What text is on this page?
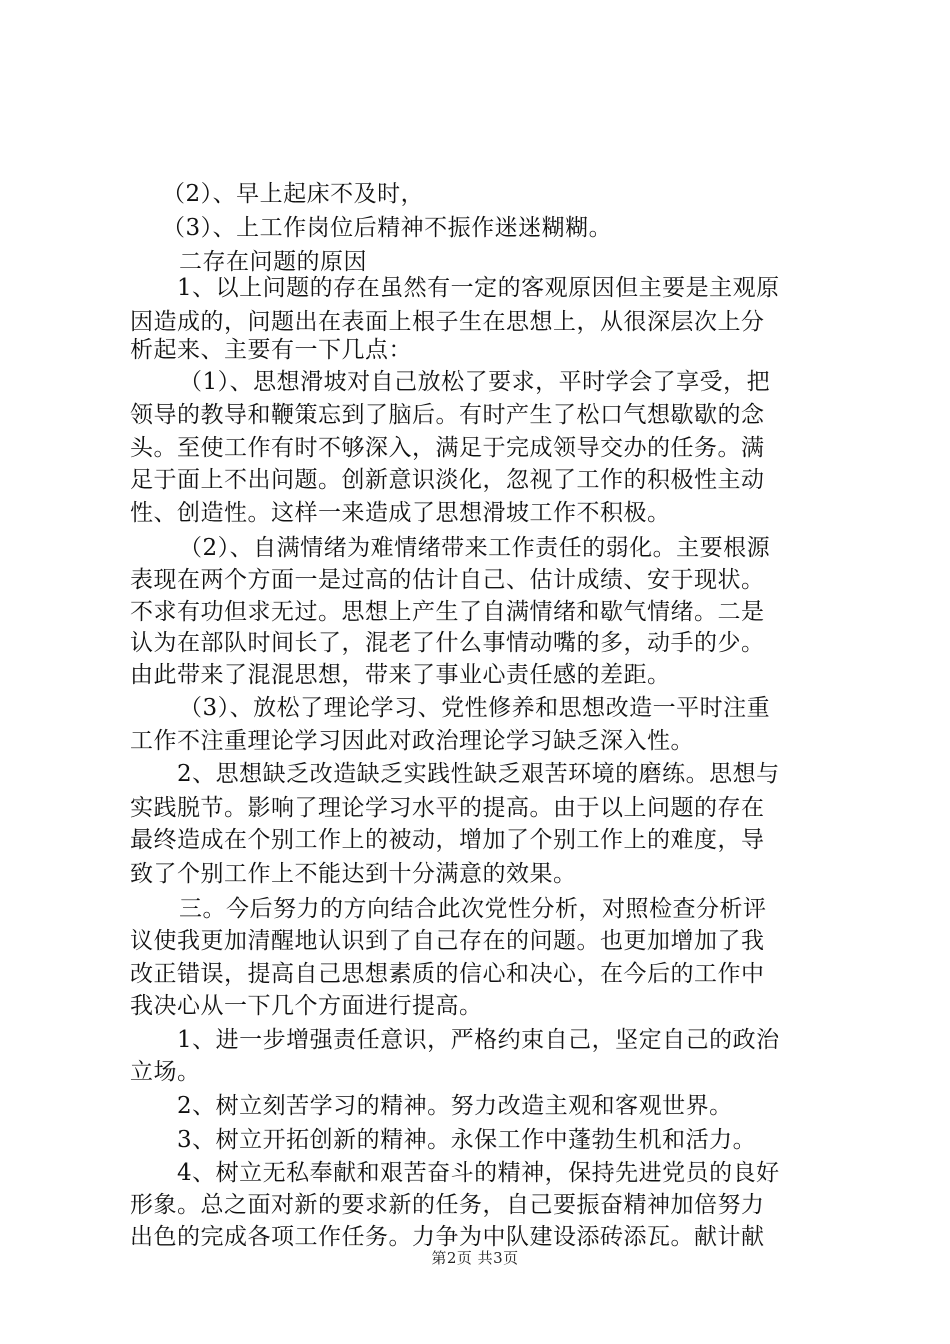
（2）、早上起床不及时，
（3）、上工作岗位后精神不振作迷迷糊糊。
二存在问题的原因
1、以上问题的存在虽然有一定的客观原因但主要是主观原
因造成的，问题出在表面上根子生在思想上，从很深层次上分
析起来、主要有一下几点：
（1）、思想滑坡对自己放松了要求，平时学会了享受，把
领导的教导和鞭策忘到了脑后。有时产生了松口气想歇歇的念
头。至使工作有时不够深入，满足于完成领导交办的任务。满
足于面上不出问题。创新意识淡化，忽视了工作的积极性主动
性、创造性。这样一来造成了思想滑坡工作不积极。
（2）、自满情绪为难情绪带来工作责任的弱化。主要根源
表现在两个方面一是过高的估计自己、估计成绩、安于现状。
不求有功但求无过。思想上产生了自满情绪和歇气情绪。二是
认为在部队时间长了，混老了什么事情动嘴的多，动手的少。
由此带来了混混思想，带来了事业心责任感的差距。
（3）、放松了理论学习、党性修养和思想改造一平时注重
工作不注重理论学习因此对政治理论学习缺乏深入性。
2、思想缺乏改造缺乏实践性缺乏艰苦环境的磨练。思想与
实践脱节。影响了理论学习水平的提高。由于以上问题的存在
最终造成在个别工作上的被动，增加了个别工作上的难度，导
致了个别工作上不能达到十分满意的效果。
三。今后努力的方向结合此次党性分析，对照检查分析评
议使我更加清醒地认识到了自己存在的问题。也更加增加了我
改正错误，提高自己思想素质的信心和决心，在今后的工作中
我决心从一下几个方面进行提高。
1、进一步增强责任意识，严格约束自己，坚定自己的政治
立场。
2、树立刻苦学习的精神。努力改造主观和客观世界。
3、树立开拓创新的精神。永保工作中蓬勃生机和活力。
4、树立无私奉献和艰苦奋斗的精神，保持先进党员的良好
形象。总之面对新的要求新的任务，自己要振奋精神加倍努力
出色的完成各项工作任务。力争为中队建设添砖添瓦。献计献
第2页 共3页
